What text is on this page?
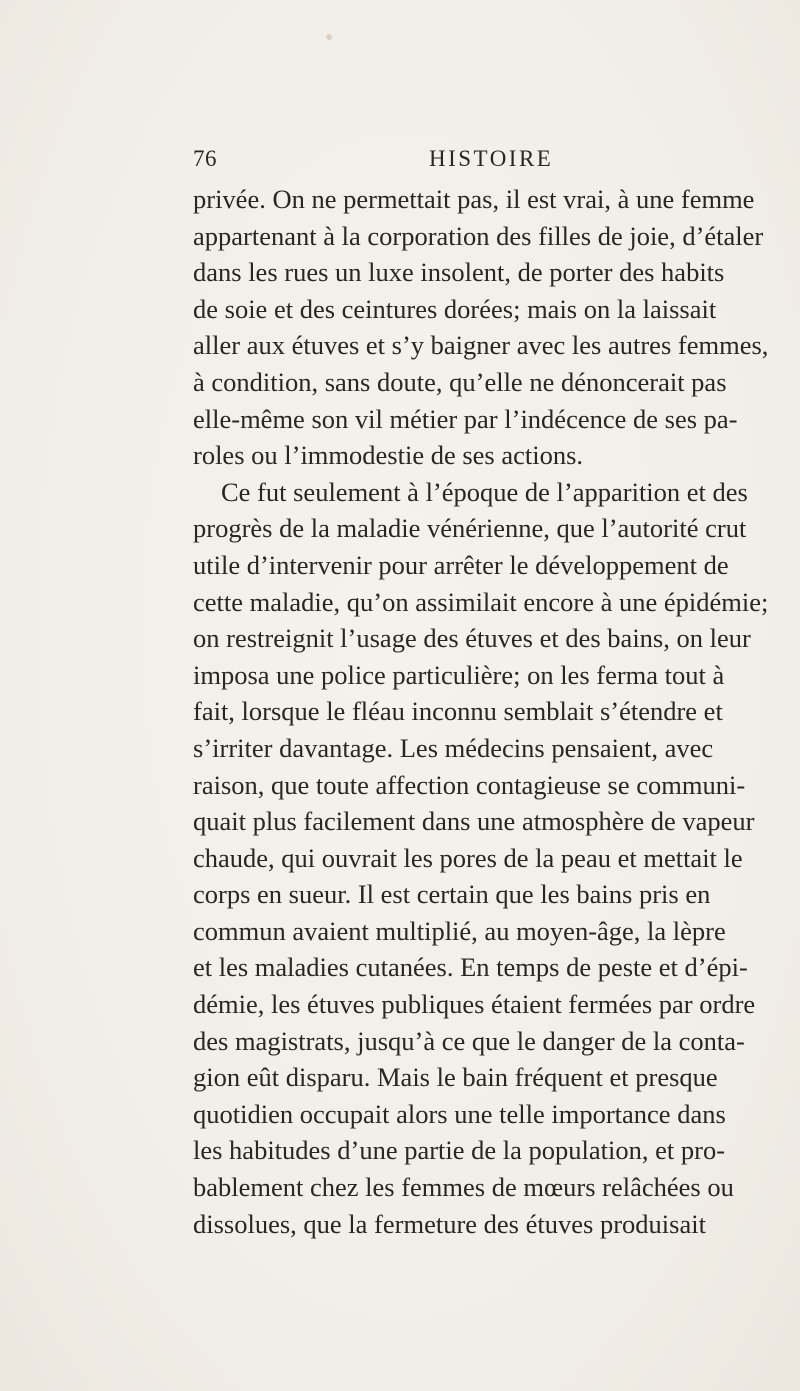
76	HISTOIRE
privée. On ne permettait pas, il est vrai, à une femme
appartenant à la corporation des filles de joie, d’étaler
dans les rues un luxe insolent, de porter des habits
de soie et des ceintures dorées; mais on la laissait
aller aux étuves et s’y baigner avec les autres femmes,
à condition, sans doute, qu’elle ne dénoncerait pas
elle-même son vil métier par l’indécence de ses pa-
roles ou l’immodestie de ses actions.
Ce fut seulement à l’époque de l’apparition et des
progrès de la maladie vénérienne, que l’autorité crut
utile d’intervenir pour arrêter le développement de
cette maladie, qu’on assimilait encore à une épidémie;
on restreignit l’usage des étuves et des bains, on leur
imposa une police particulière; on les ferma tout à
fait, lorsque le fléau inconnu semblait s’étendre et
s’irriter davantage. Les médecins pensaient, avec
raison, que toute affection contagieuse se communi-
quait plus facilement dans une atmosphère de vapeur
chaude, qui ouvrait les pores de la peau et mettait le
corps en sueur. Il est certain que les bains pris en
commun avaient multiplié, au moyen-âge, la lèpre
et les maladies cutanées. En temps de peste et d’épi-
démie, les étuves publiques étaient fermées par ordre
des magistrats, jusqu’à ce que le danger de la conta-
gion eût disparu. Mais le bain fréquent et presque
quotidien occupait alors une telle importance dans
les habitudes d’une partie de la population, et pro-
bablement chez les femmes de mœurs relâchées ou
dissolues, que la fermeture des étuves produisait
